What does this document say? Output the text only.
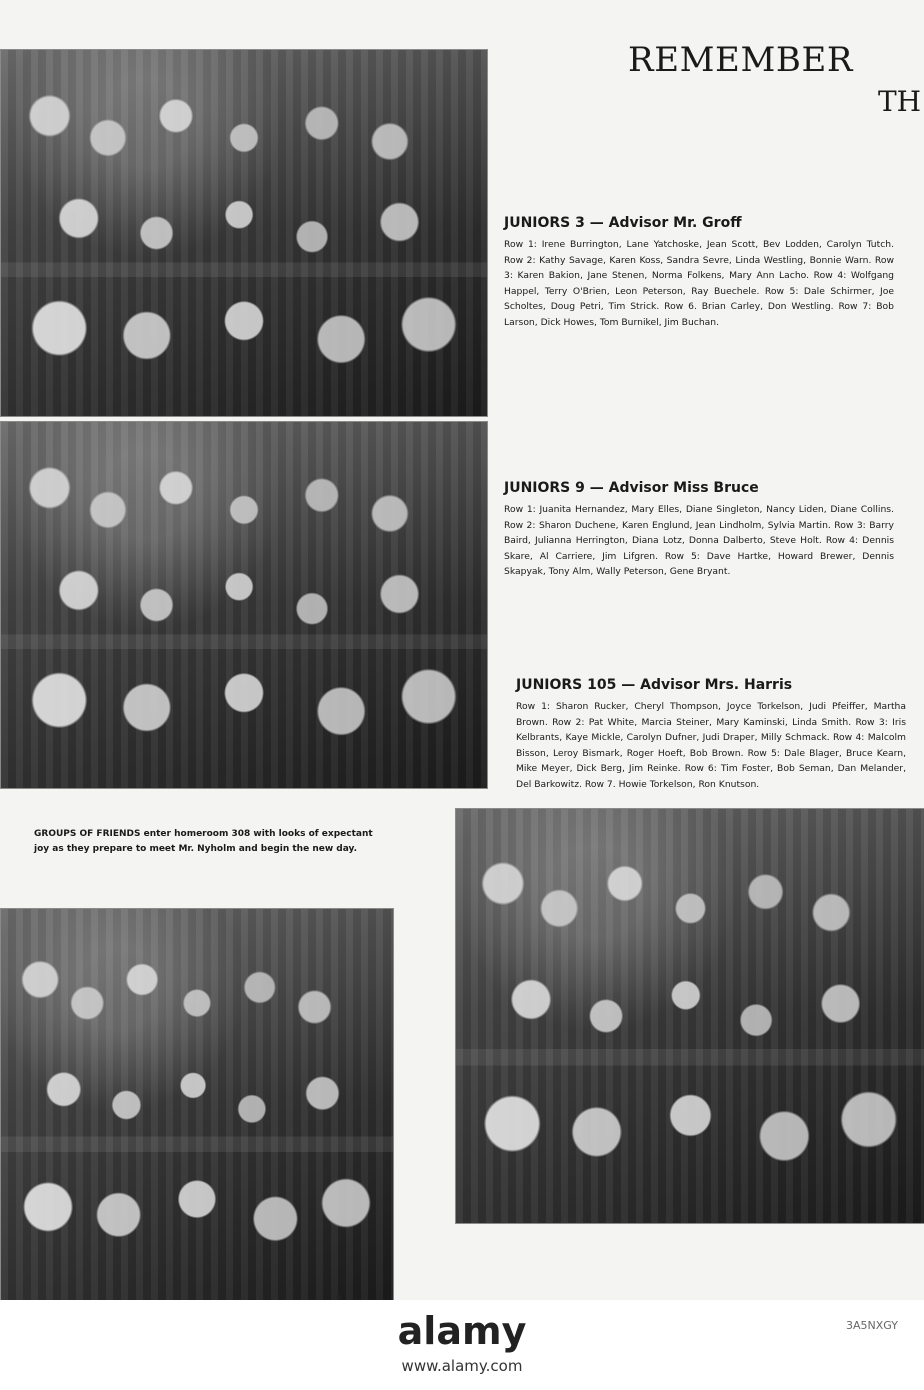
REMEMBER
TH
JUNIORS 3 — Advisor Mr. Groff

Row 1: Irene Burrington, Lane Yatchoske, Jean Scott, Bev Lodden, Carolyn Tutch. Row 2: Kathy Savage, Karen Koss, Sandra Sevre, Linda Westling, Bonnie Warn. Row 3: Karen Bakion, Jane Stenen, Norma Folkens, Mary Ann Lacho. Row 4: Wolfgang Happel, Terry O'Brien, Leon Peterson, Ray Buechele. Row 5: Dale Schirmer, Joe Scholtes, Doug Petri, Tim Strick. Row 6. Brian Carley, Don Westling. Row 7: Bob Larson, Dick Howes, Tom Burnikel, Jim Buchan.

JUNIORS 9 — Advisor Miss Bruce

Row 1: Juanita Hernandez, Mary Elles, Diane Singleton, Nancy Liden, Diane Collins. Row 2: Sharon Duchene, Karen Englund, Jean Lindholm, Sylvia Martin. Row 3: Barry Baird, Julianna Herrington, Diana Lotz, Donna Dalberto, Steve Holt. Row 4: Dennis Skare, Al Carriere, Jim Lifgren. Row 5: Dave Hartke, Howard Brewer, Dennis Skapyak, Tony Alm, Wally Peterson, Gene Bryant.

JUNIORS 105 — Advisor Mrs. Harris

Row 1: Sharon Rucker, Cheryl Thompson, Joyce Torkelson, Judi Pfeiffer, Martha Brown. Row 2: Pat White, Marcia Steiner, Mary Kaminski, Linda Smith. Row 3: Iris Kelbrants, Kaye Mickle, Carolyn Dufner, Judi Draper, Milly Schmack. Row 4: Malcolm Bisson, Leroy Bismark, Roger Hoeft, Bob Brown. Row 5: Dale Blager, Bruce Kearn, Mike Meyer, Dick Berg, Jim Reinke. Row 6: Tim Foster, Bob Seman, Dan Melander, Del Barkowitz. Row 7. Howie Torkelson, Ron Knutson.

GROUPS OF FRIENDS enter homeroom 308 with looks of expectant joy as they prepare to meet Mr. Nyholm and begin the new day.

alamy	3A5NXGY
www.alamy.com
